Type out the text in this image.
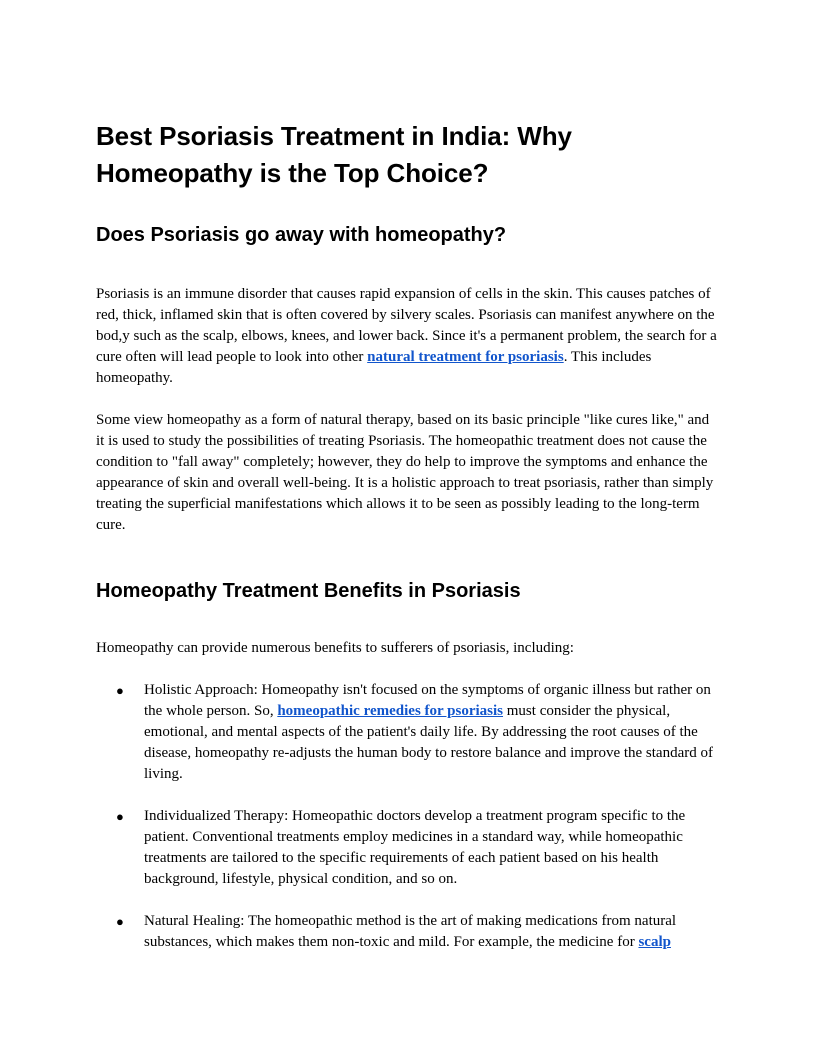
Best Psoriasis Treatment in India: Why Homeopathy is the Top Choice?
Does Psoriasis go away with homeopathy?

Psoriasis is an immune disorder that causes rapid expansion of cells in the skin. This causes patches of red, thick, inflamed skin that is often covered by silvery scales. Psoriasis can manifest anywhere on the bod,y such as the scalp, elbows, knees, and lower back. Since it's a permanent problem, the search for a cure often will lead people to look into other natural treatment for psoriasis. This includes homeopathy.

Some view homeopathy as a form of natural therapy, based on its basic principle "like cures like," and it is used to study the possibilities of treating Psoriasis. The homeopathic treatment does not cause the condition to "fall away" completely; however, they do help to improve the symptoms and enhance the appearance of skin and overall well-being. It is a holistic approach to treat psoriasis, rather than simply treating the superficial manifestations which allows it to be seen as possibly leading to the long-term cure.

Homeopathy Treatment Benefits in Psoriasis

Homeopathy can provide numerous benefits to sufferers of psoriasis, including:

● Holistic Approach: Homeopathy isn't focused on the symptoms of organic illness but rather on the whole person. So, homeopathic remedies for psoriasis must consider the physical, emotional, and mental aspects of the patient's daily life. By addressing the root causes of the disease, homeopathy re-adjusts the human body to restore balance and improve the standard of living.
● Individualized Therapy: Homeopathic doctors develop a treatment program specific to the patient. Conventional treatments employ medicines in a standard way, while homeopathic treatments are tailored to the specific requirements of each patient based on his health background, lifestyle, physical condition, and so on.
● Natural Healing: The homeopathic method is the art of making medications from natural substances, which makes them non-toxic and mild. For example, the medicine for scalp
